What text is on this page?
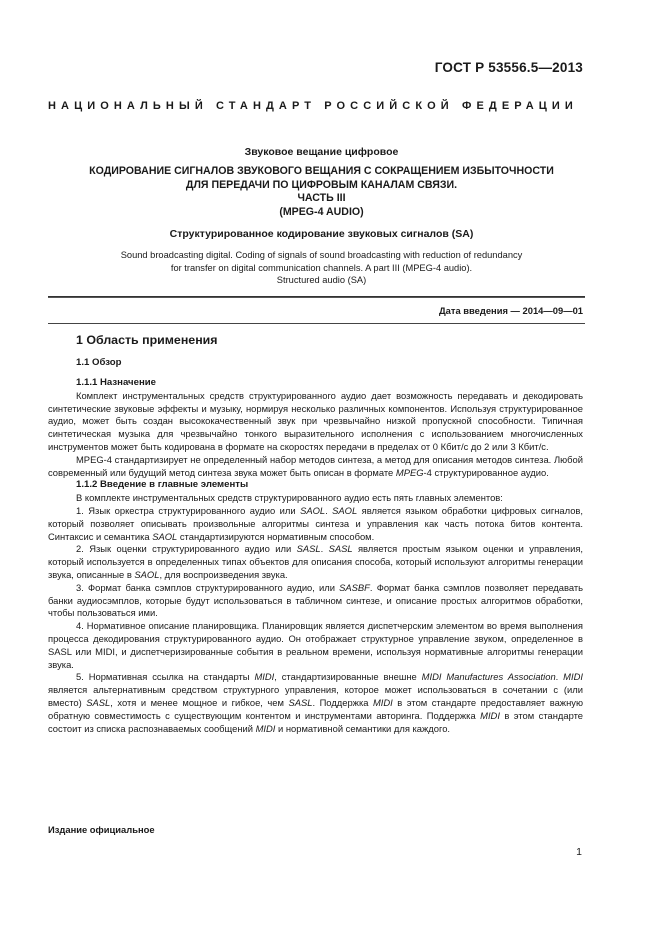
ГОСТ Р 53556.5—2013
НАЦИОНАЛЬНЫЙ СТАНДАРТ РОССИЙСКОЙ ФЕДЕРАЦИИ
Звуковое вещание цифровое
КОДИРОВАНИЕ СИГНАЛОВ ЗВУКОВОГО ВЕЩАНИЯ С СОКРАЩЕНИЕМ ИЗБЫТОЧНОСТИ
ДЛЯ ПЕРЕДАЧИ ПО ЦИФРОВЫМ КАНАЛАМ СВЯЗИ.
ЧАСТЬ III
(MPEG-4 AUDIO)
Структурированное кодирование звуковых сигналов (SA)
Sound broadcasting digital. Coding of signals of sound broadcasting with reduction of redundancy
for transfer on digital communication channels. A part III (MPEG-4 audio).
Structured audio (SA)
Дата введения — 2014—09—01
1 Область применения
1.1 Обзор
1.1.1 Назначение

Комплект инструментальных средств структурированного аудио дает возможность передавать и декодировать синтетические звуковые эффекты и музыку, нормируя несколько различных компонентов. Используя структурированное аудио, может быть создан высококачественный звук при чрезвычайно низкой пропускной способности. Типичная синтетическая музыка для чрезвычайно тонкого выразительного исполнения с использованием многочисленных инструментов может быть кодирована в формате на скоростях передачи в пределах от 0 Кбит/с до 2 или 3 Кбит/с.

MPEG-4 стандартизирует не определенный набор методов синтеза, а метод для описания методов синтеза. Любой современный или будущий метод синтеза звука может быть описан в формате MPEG-4 структурированное аудио.

1.1.2 Введение в главные элементы

В комплекте инструментальных средств структурированного аудио есть пять главных элементов:

1. Язык оркестра структурированного аудио или SAOL. SAOL является языком обработки цифровых сигналов, который позволяет описывать произвольные алгоритмы синтеза и управления как часть потока битов контента. Синтаксис и семантика SAOL стандартизируются нормативным способом.

2. Язык оценки структурированного аудио или SASL. SASL является простым языком оценки и управления, который используется в определенных типах объектов для описания способа, который используют алгоритмы генерации звука, описанные в SAOL, для воспроизведения звука.

3. Формат банка сэмплов структурированного аудио, или SASBF. Формат банка сэмплов позволяет передавать банки аудиосэмплов, которые будут использоваться в табличном синтезе, и описание простых алгоритмов обработки, чтобы пользоваться ими.

4. Нормативное описание планировщика. Планировщик является диспетчерским элементом во время выполнения процесса декодирования структурированного аудио. Он отображает структурное управление звуком, определенное в SASL или MIDI, и диспетчеризированные события в реальном времени, используя нормативные алгоритмы генерации звука.

5. Нормативная ссылка на стандарты MIDI, стандартизированные внешне MIDI Manufactures Association. MIDI является альтернативным средством структурного управления, которое может использоваться в сочетании с (или вместо) SASL, хотя и менее мощное и гибкое, чем SASL. Поддержка MIDI в этом стандарте предоставляет важную обратную совместимость с существующим контентом и инструментами авторинга. Поддержка MIDI в этом стандарте состоит из списка распознаваемых сообщений MIDI и нормативной семантики для каждого.

Издание официальное
1
